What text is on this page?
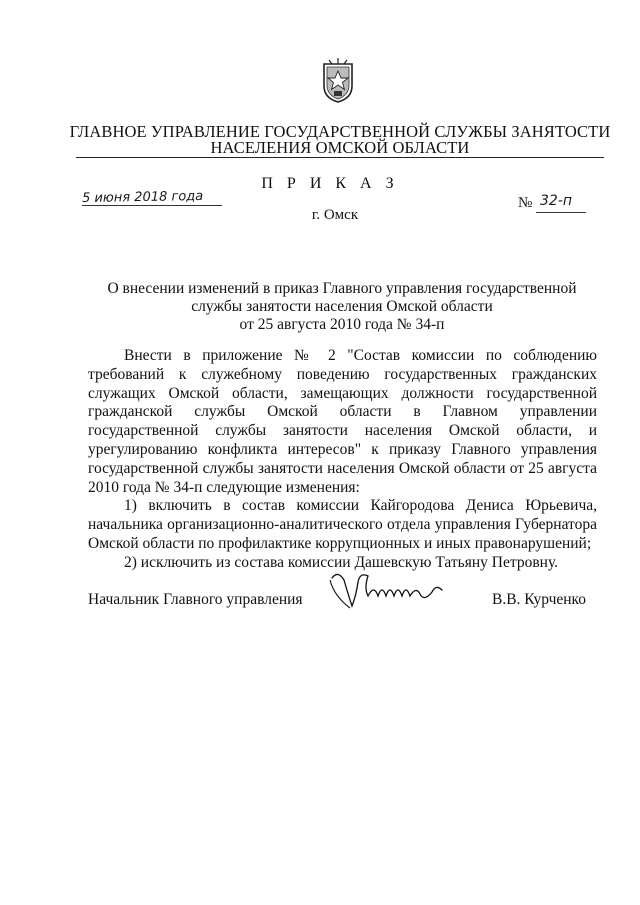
ГЛАВНОЕ УПРАВЛЕНИЕ ГОСУДАРСТВЕННОЙ СЛУЖБЫ ЗАНЯТОСТИ
НАСЕЛЕНИЯ ОМСКОЙ ОБЛАСТИ
П Р И К А З
5 июня 2018 года	№ 32-п
г. Омск
О внесении изменений в приказ Главного управления государственной
службы занятости населения Омской области
от 25 августа 2010 года № 34-п

Внести в приложение № 2 "Состав комиссии по соблюдению требований к служебному поведению государственных гражданских служащих Омской области, замещающих должности государственной гражданской службы Омской области в Главном управлении государственной службы занятости населения Омской области, и урегулированию конфликта интересов" к приказу Главного управления государственной службы занятости населения Омской области от 25 августа 2010 года № 34-п следующие изменения:

1) включить в состав комиссии Кайгородова Дениса Юрьевича, начальника организационно-аналитического отдела управления Губернатора Омской области по профилактике коррупционных и иных правонарушений;

2) исключить из состава комиссии Дашевскую Татьяну Петровну.

Начальник Главного управления	В.В. Курченко
